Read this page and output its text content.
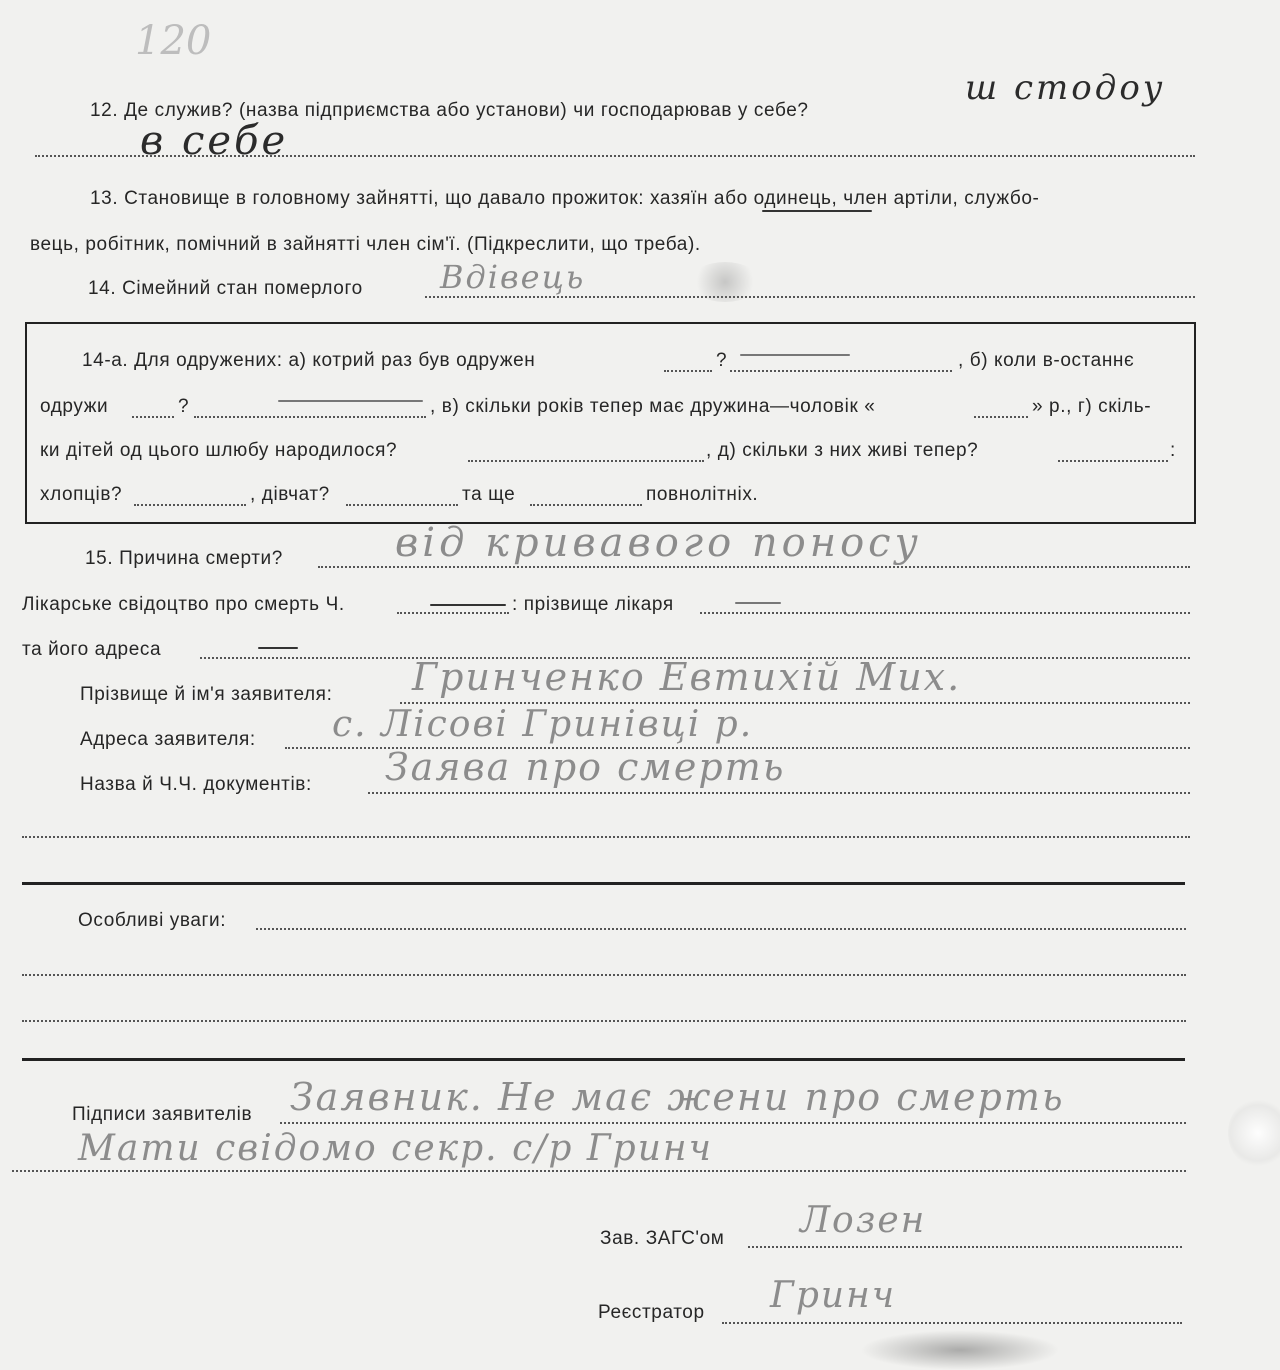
120
12. Де служив? (назва підприємства або установи) чи господарював у себе?
ш стодоу
в себе
13. Становище в головному зайнятті, що давало прожиток: хазяїн або одинець, член артіли, службо-
вець, робітник, помічний в зайнятті член сім'ї. (Підкреслити, що треба).
14. Сімейний стан померлого Вдівець
14-а. Для одружених: а) котрий раз був одружен	?	, б) коли в-останнє
одружи	?	, в) скільки років тепер має дружина—чоловік «	» р., г) скіль-
ки дітей од цього шлюбу народилося?	, д) скільки з них живі тепер?	:
хлопців?	, дівчат?	та ще	повнолітніх.
15. Причина смерти?	від кривавого поносу
Лікарське свідоцтво про смерть Ч.	: прізвище лікаря
та його адреса
Прізвище й ім'я заявителя: Гринченко Евтихій Мих.
Адреса заявителя: с. Лісові Гринівці р.
Назва й Ч.Ч. документів: Заява про смерть
Особливі уваги:
Підписи заявителів Заявник. Не має жени про смерть
Мати свідомо секр. с/р Гринч
Зав. ЗАГС'ом Лозен
Реєстратор Гринч
